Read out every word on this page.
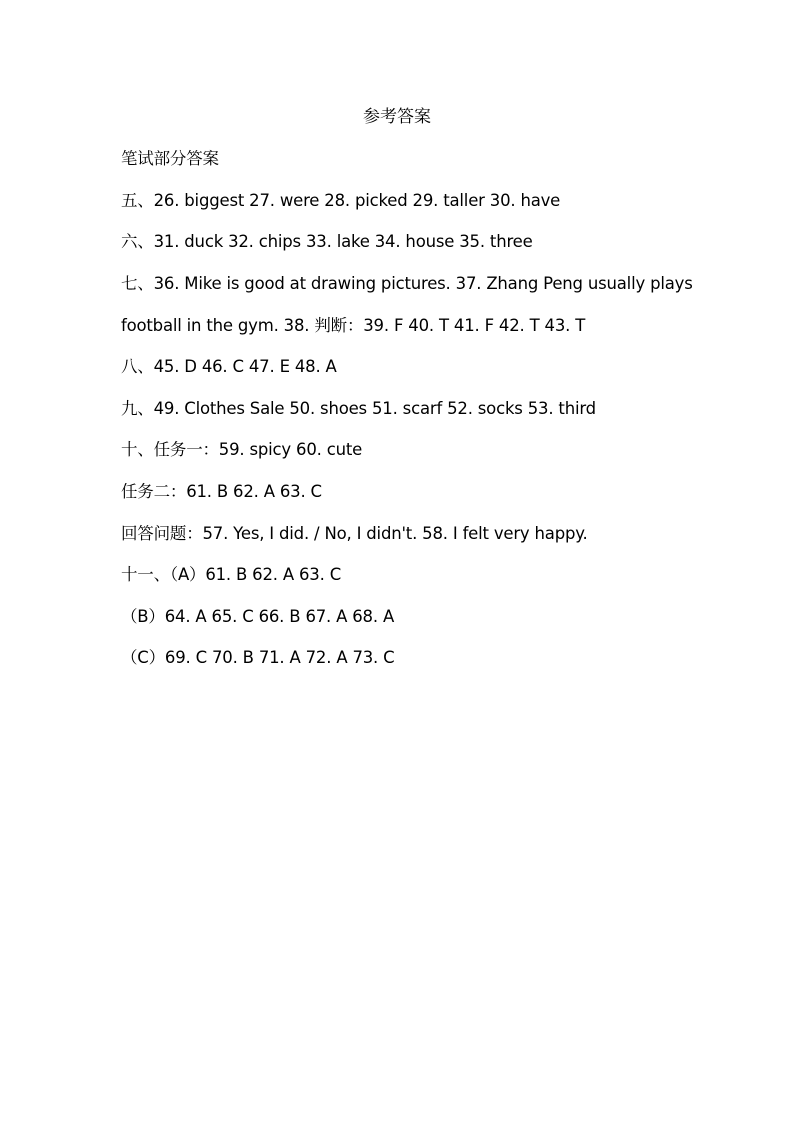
参考答案
笔试部分答案
五、26. biggest 27. were 28. picked 29. taller 30. have
六、31. duck 32. chips 33. lake 34. house 35. three
七、36. Mike is good at drawing pictures. 37. Zhang Peng usually plays
football in the gym. 38. 判断：39. F 40. T 41. F 42. T 43. T
八、45. D 46. C 47. E 48. A
九、49. Clothes Sale 50. shoes 51. scarf 52. socks 53. third
十、任务一：59. spicy 60. cute
任务二：61. B 62. A 63. C
回答问题：57. Yes, I did. / No, I didn't. 58. I felt very happy.
十一、（A）61. B 62. A 63. C
（B）64. A 65. C 66. B 67. A 68. A
（C）69. C 70. B 71. A 72. A 73. C
